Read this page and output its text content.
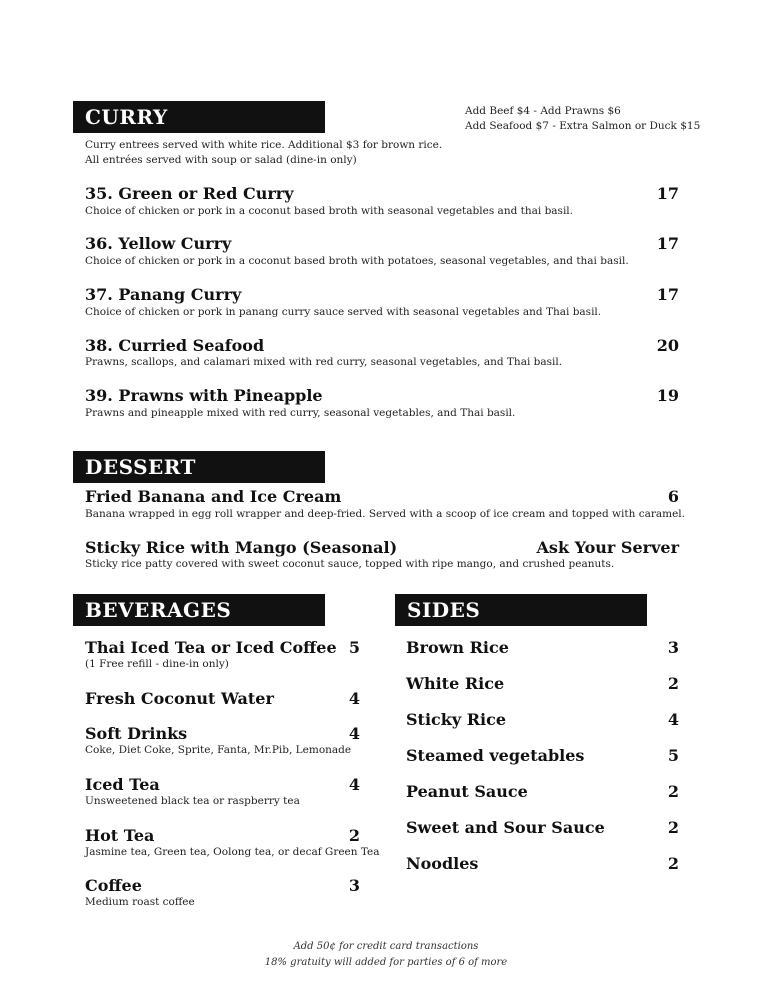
CURRY	Add Beef $4 - Add Prawns $6
Add Seafood $7 - Extra Salmon or Duck $15
Curry entrees served with white rice. Additional $3 for brown rice.
All entrées served with soup or salad (dine-in only)
35. Green or Red Curry	17
Choice of chicken or pork in a coconut based broth with seasonal vegetables and thai basil.
36. Yellow Curry	17
Choice of chicken or pork in a coconut based broth with potatoes, seasonal vegetables, and thai basil.
37. Panang Curry	17
Choice of chicken or pork in panang curry sauce served with seasonal vegetables and Thai basil.
38. Curried Seafood	20
Prawns, scallops, and calamari mixed with red curry, seasonal vegetables, and Thai basil.
39. Prawns with Pineapple	19
Prawns and pineapple mixed with red curry, seasonal vegetables, and Thai basil.
DESSERT
Fried Banana and Ice Cream	6
Banana wrapped in egg roll wrapper and deep-fried. Served with a scoop of ice cream and topped with caramel.
Sticky Rice with Mango (Seasonal)	Ask Your Server
Sticky rice patty covered with sweet coconut sauce, topped with ripe mango, and crushed peanuts.
BEVERAGES
Thai Iced Tea or Iced Coffee 5
(1 Free refill - dine-in only)
Fresh Coconut Water	4
Soft Drinks	4
Coke, Diet Coke, Sprite, Fanta, Mr.Pib, Lemonade
Iced Tea	4
Unsweetened black tea or raspberry tea
Hot Tea	2
Jasmine tea, Green tea, Oolong tea, or decaf Green Tea
Coffee	3
Medium roast coffee
SIDES
Brown Rice	3
White Rice	2
Sticky Rice	4
Steamed vegetables	5
Peanut Sauce	2
Sweet and Sour Sauce	2
Noodles	2
Add 50¢ for credit card transactions
18% gratuity will added for parties of 6 of more
